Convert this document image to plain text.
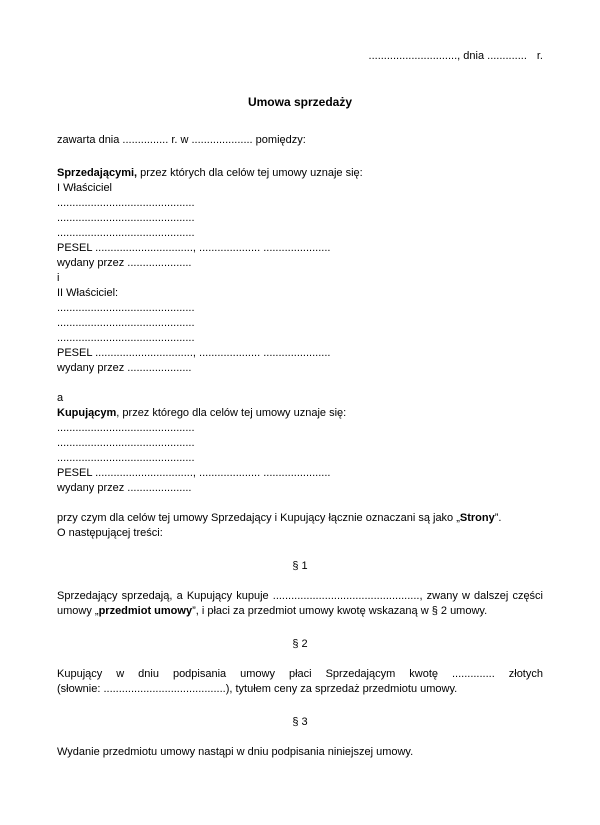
............................., dnia ............. r.
Umowa sprzedaży
zawarta dnia ............... r. w .................... pomiędzy:
Sprzedającymi, przez których dla celów tej umowy uznaje się:
I Właściciel
.............................................
.............................................
.............................................
PESEL ................................, .................... ......................
wydany przez .....................
i
II Właściciel:
.............................................
.............................................
.............................................
PESEL ................................, .................... ......................
wydany przez .....................
a
Kupującym, przez którego dla celów tej umowy uznaje się:
.............................................
.............................................
.............................................
PESEL ................................, .................... ......................
wydany przez .....................
przy czym dla celów tej umowy Sprzedający i Kupujący łącznie oznaczani są jako „Strony”.
O następującej treści:
§ 1
Sprzedający sprzedają, a Kupujący kupuje ................................................, zwany w dalszej części
umowy „przedmiot umowy”, i płaci za przedmiot umowy kwotę wskazaną w § 2 umowy.
§ 2
Kupujący w dniu podpisania umowy płaci Sprzedającym kwotę .............. złotych
(słownie: ........................................), tytułem ceny za sprzedaż przedmiotu umowy.
§ 3
Wydanie przedmiotu umowy nastąpi w dniu podpisania niniejszej umowy.
